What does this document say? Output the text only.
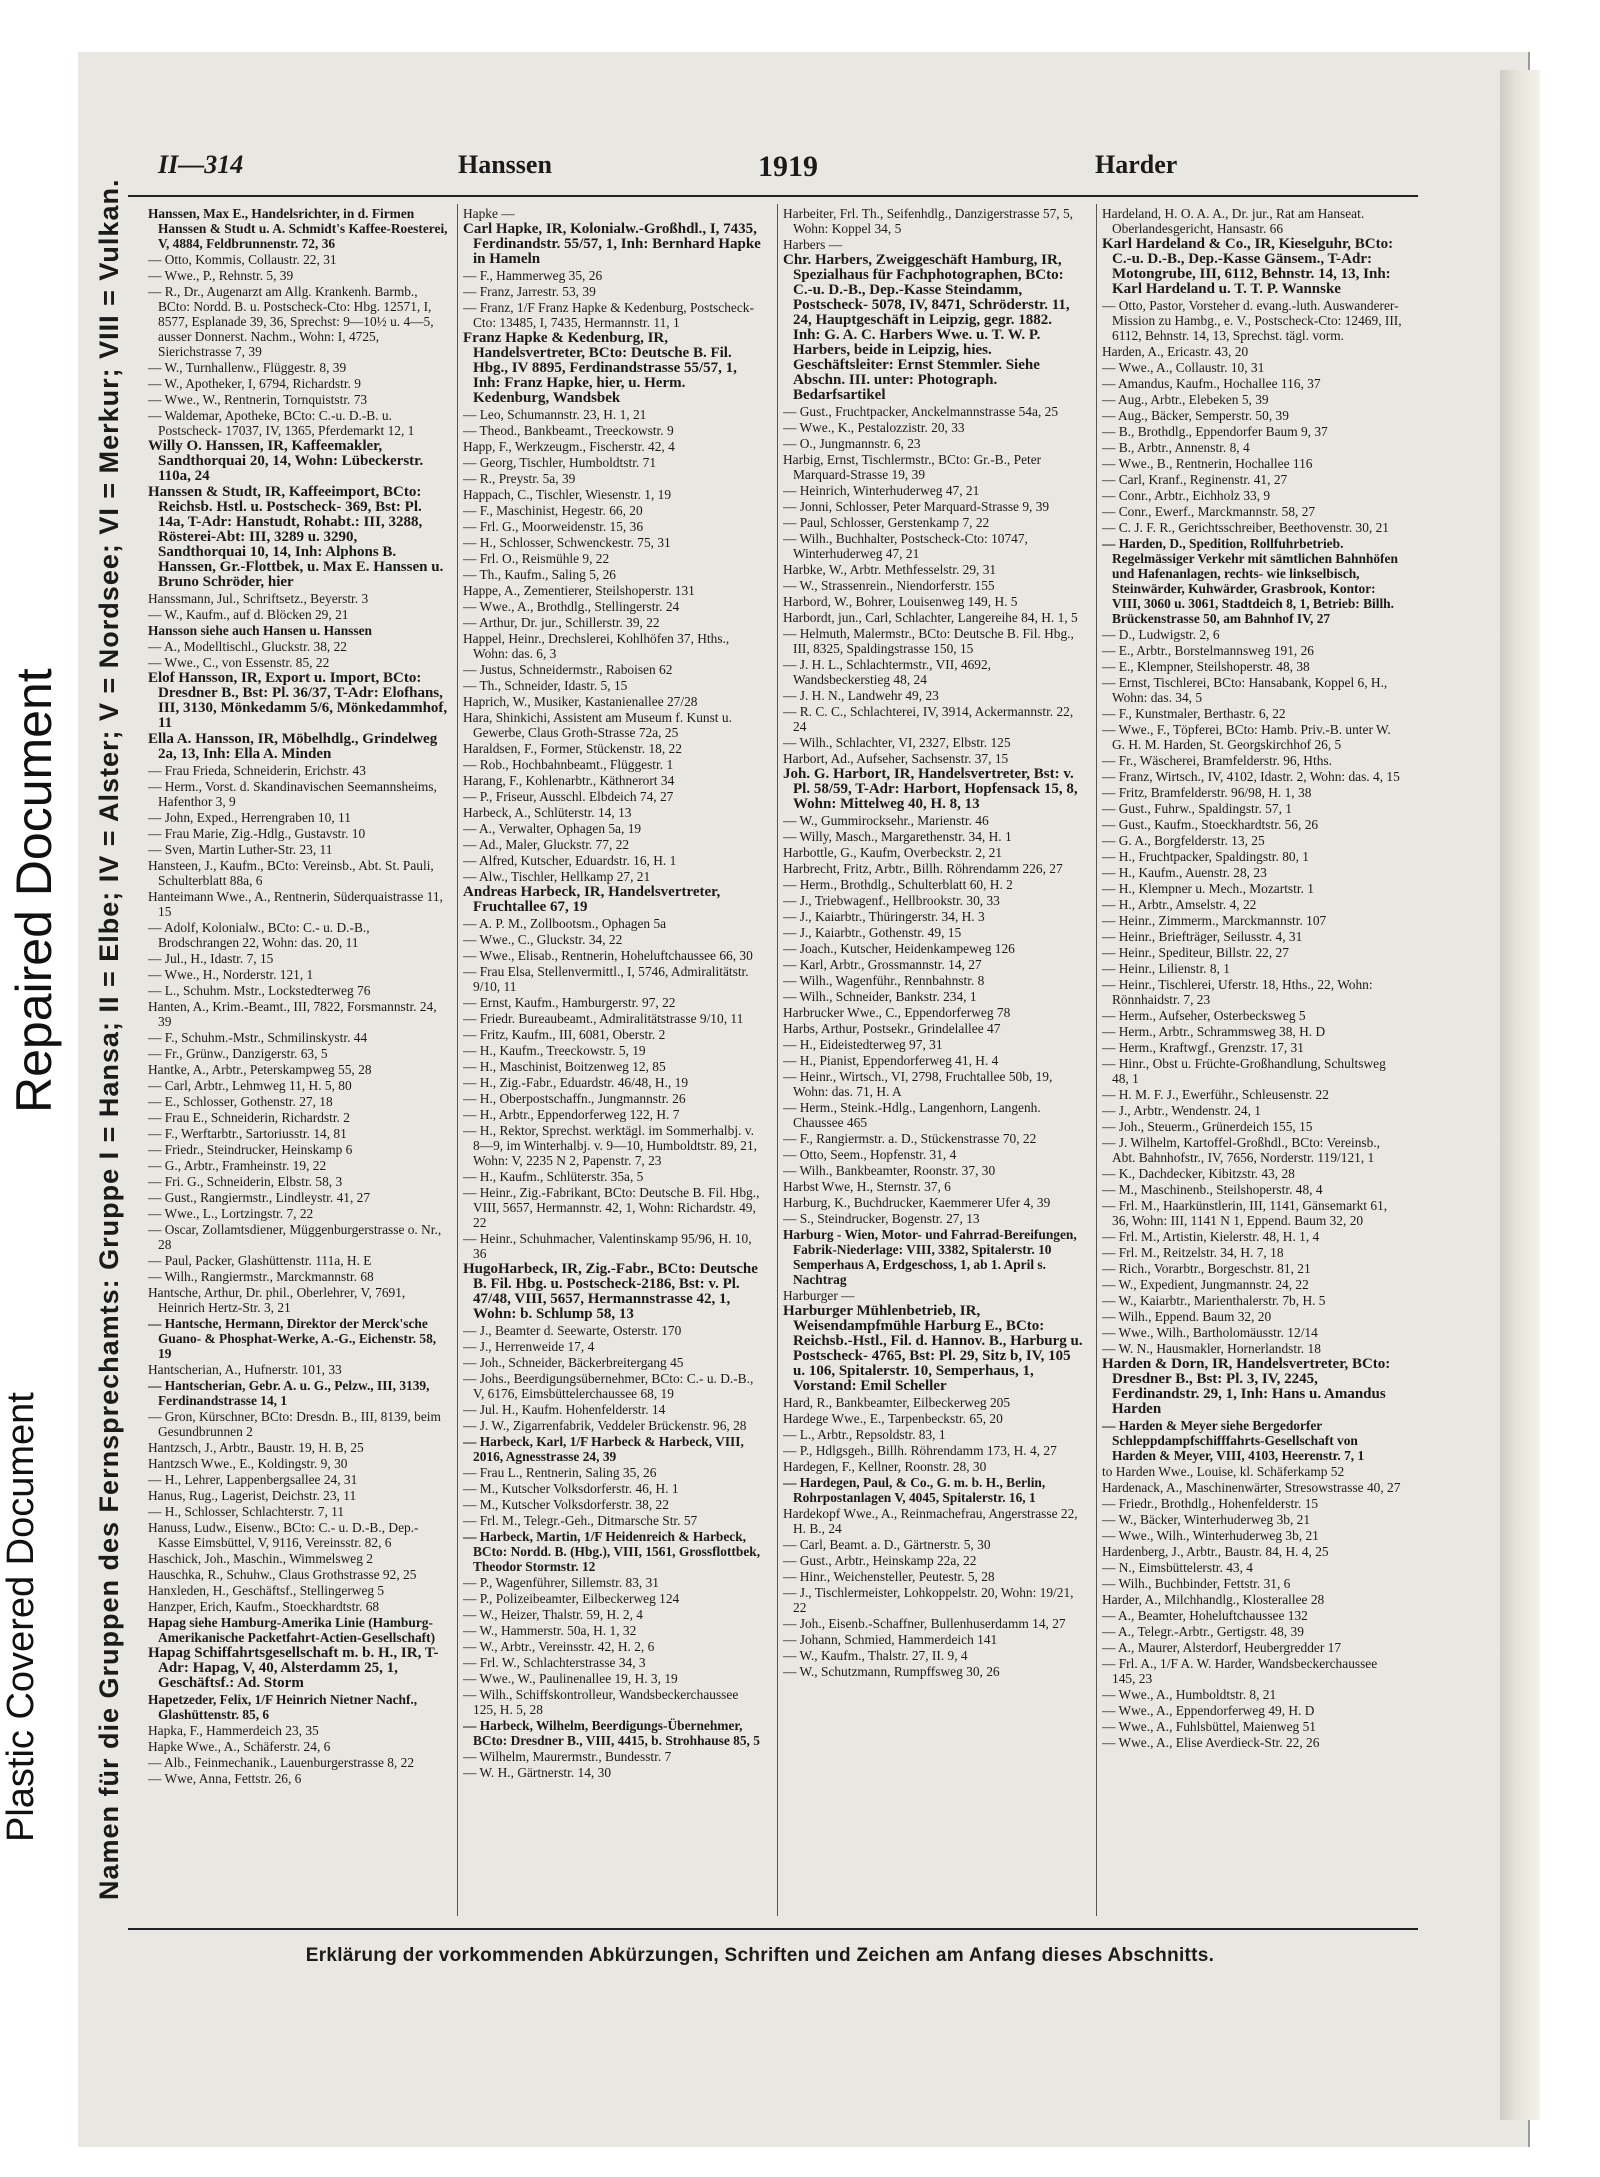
Plastic Covered Document
Repaired Document
II—314	Hanssen	1919	Harder
Namen für die Gruppen des Fernsprechamts: Gruppe I = Hansa; II = Elbe; IV = Alster; V = Nordsee; VI = Merkur; VIII = Vulkan. Hanssen, Max E., Handelsrichter, in d. Firmen Hanssen & Studt u. A. Schmidt's Kaffee-Roesterei, V, 4884, Feldbrunnenstr. 72, 36

— Otto, Kommis, Collaustr. 22, 31

— Wwe., P., Rehnstr. 5, 39

— R., Dr., Augenarzt am Allg. Krankenh. Barmb., BCto: Nordd. B. u. Postscheck-Cto: Hbg. 12571, I, 8577, Esplanade 39, 36, Sprechst: 9—10½ u. 4—5, ausser Donnerst. Nachm., Wohn: I, 4725, Sierichstrasse 7, 39

— W., Turnhallenw., Flüggestr. 8, 39

— W., Apotheker, I, 6794, Richardstr. 9

— Wwe., W., Rentnerin, Tornquiststr. 73

— Waldemar, Apotheke, BCto: C.-u. D.-B. u. Postscheck- 17037, IV, 1365, Pferdemarkt 12, 1

Willy O. Hanssen, IR, Kaffeemakler, Sandthorquai 20, 14, Wohn: Lübeckerstr. 110a, 24

Hanssen & Studt, IR, Kaffeeimport, BCto: Reichsb. Hstl. u. Postscheck- 369, Bst: Pl. 14a, T-Adr: Hanstudt, Rohabt.: III, 3288, Rösterei-Abt: III, 3289 u. 3290, Sandthorquai 10, 14, Inh: Alphons B. Hanssen, Gr.-Flottbek, u. Max E. Hanssen u. Bruno Schröder, hier

Hanssmann, Jul., Schriftsetz., Beyerstr. 3

— W., Kaufm., auf d. Blöcken 29, 21

Hansson siehe auch Hansen u. Hanssen

— A., Modelltischl., Gluckstr. 38, 22

— Wwe., C., von Essenstr. 85, 22

Elof Hansson, IR, Export u. Import, BCto: Dresdner B., Bst: Pl. 36/37, T-Adr: Elofhans, III, 3130, Mönkedamm 5/6, Mönkedammhof, 11

Ella A. Hansson, IR, Möbelhdlg., Grindelweg 2a, 13, Inh: Ella A. Minden

— Frau Frieda, Schneiderin, Erichstr. 43

— Herm., Vorst. d. Skandinavischen Seemannsheims, Hafenthor 3, 9

— John, Exped., Herrengraben 10, 11

— Frau Marie, Zig.-Hdlg., Gustavstr. 10

— Sven, Martin Luther-Str. 23, 11

Hansteen, J., Kaufm., BCto: Vereinsb., Abt. St. Pauli, Schulterblatt 88a, 6

Hanteimann Wwe., A., Rentnerin, Süderquaistrasse 11, 15

— Adolf, Kolonialw., BCto: C.- u. D.-B., Brodschrangen 22, Wohn: das. 20, 11

— Jul., H., Idastr. 7, 15

— Wwe., H., Norderstr. 121, 1

— L., Schuhm. Mstr., Lockstedterweg 76

Hanten, A., Krim.-Beamt., III, 7822, Forsmannstr. 24, 39

— F., Schuhm.-Mstr., Schmilinskystr. 44

— Fr., Grünw., Danzigerstr. 63, 5

Hantke, A., Arbtr., Peterskampweg 55, 28

— Carl, Arbtr., Lehmweg 11, H. 5, 80

— E., Schlosser, Gothenstr. 27, 18

— Frau E., Schneiderin, Richardstr. 2

— F., Werftarbtr., Sartoriusstr. 14, 81

— Friedr., Steindrucker, Heinskamp 6

— G., Arbtr., Framheinstr. 19, 22

— Fri. G., Schneiderin, Elbstr. 58, 3

— Gust., Rangiermstr., Lindleystr. 41, 27

— Wwe., L., Lortzingstr. 7, 22

— Oscar, Zollamtsdiener, Müggenburgerstrasse o. Nr., 28

— Paul, Packer, Glashüttenstr. 111a, H. E

— Wilh., Rangiermstr., Marckmannstr. 68

Hantsche, Arthur, Dr. phil., Oberlehrer, V, 7691, Heinrich Hertz-Str. 3, 21

— Hantsche, Hermann, Direktor der Merck'sche Guano- & Phosphat-Werke, A.-G., Eichenstr. 58, 19

Hantscherian, A., Hufnerstr. 101, 33

— Hantscherian, Gebr. A. u. G., Pelzw., III, 3139, Ferdinandstrasse 14, 1

— Gron, Kürschner, BCto: Dresdn. B., III, 8139, beim Gesundbrunnen 2

Hantzsch, J., Arbtr., Baustr. 19, H. B, 25

Hantzsch Wwe., E., Koldingstr. 9, 30

— H., Lehrer, Lappenbergsallee 24, 31

Hanus, Rug., Lagerist, Deichstr. 23, 11

— H., Schlosser, Schlachterstr. 7, 11

Hanuss, Ludw., Eisenw., BCto: C.- u. D.-B., Dep.-Kasse Eimsbüttel, V, 9116, Vereinsstr. 82, 6

Haschick, Joh., Maschin., Wimmelsweg 2

Hauschka, R., Schuhw., Claus Grothstrasse 92, 25

Hanxleden, H., Geschäftsf., Stellingerweg 5

Hanzper, Erich, Kaufm., Stoeckhardtstr. 68

Hapag siehe Hamburg-Amerika Linie (Hamburg-Amerikanische Packetfahrt-Actien-Gesellschaft)

Hapag Schiffahrtsgesellschaft m. b. H., IR, T-Adr: Hapag, V, 40, Alsterdamm 25, 1, Geschäftsf.: Ad. Storm

Hapetzeder, Felix, 1/F Heinrich Nietner Nachf., Glashüttenstr. 85, 6

Hapka, F., Hammerdeich 23, 35

Hapke Wwe., A., Schäferstr. 24, 6

— Alb., Feinmechanik., Lauenburgerstrasse 8, 22

— Wwe, Anna, Fettstr. 26, 6

Hapke —

Carl Hapke, IR, Kolonialw.-Großhdl., I, 7435, Ferdinandstr. 55/57, 1, Inh: Bernhard Hapke in Hameln

— F., Hammerweg 35, 26

— Franz, Jarrestr. 53, 39

— Franz, 1/F Franz Hapke & Kedenburg, Postscheck-Cto: 13485, I, 7435, Hermannstr. 11, 1

Franz Hapke & Kedenburg, IR, Handelsvertreter, BCto: Deutsche B. Fil. Hbg., IV 8895, Ferdinandstrasse 55/57, 1, Inh: Franz Hapke, hier, u. Herm. Kedenburg, Wandsbek

— Leo, Schumannstr. 23, H. 1, 21

— Theod., Bankbeamt., Treeckowstr. 9

Happ, F., Werkzeugm., Fischerstr. 42, 4

— Georg, Tischler, Humboldtstr. 71

— R., Preystr. 5a, 39

Happach, C., Tischler, Wiesenstr. 1, 19

— F., Maschinist, Hegestr. 66, 20

— Frl. G., Moorweidenstr. 15, 36

— H., Schlosser, Schwenckestr. 75, 31

— Frl. O., Reismühle 9, 22

— Th., Kaufm., Saling 5, 26

Happe, A., Zementierer, Steilshoperstr. 131

— Wwe., A., Brothdlg., Stellingerstr. 24

— Arthur, Dr. jur., Schillerstr. 39, 22

Happel, Heinr., Drechslerei, Kohlhöfen 37, Hths., Wohn: das. 6, 3

— Justus, Schneidermstr., Raboisen 62

— Th., Schneider, Idastr. 5, 15

Haprich, W., Musiker, Kastanienallee 27/28

Hara, Shinkichi, Assistent am Museum f. Kunst u. Gewerbe, Claus Groth-Strasse 72a, 25

Haraldsen, F., Former, Stückenstr. 18, 22

— Rob., Hochbahnbeamt., Flüggestr. 1

Harang, F., Kohlenarbtr., Käthnerort 34

— P., Friseur, Ausschl. Elbdeich 74, 27

Harbeck, A., Schlüterstr. 14, 13

— A., Verwalter, Ophagen 5a, 19

— Ad., Maler, Gluckstr. 77, 22

— Alfred, Kutscher, Eduardstr. 16, H. 1

— Alw., Tischler, Hellkamp 27, 21

Andreas Harbeck, IR, Handelsvertreter, Fruchtallee 67, 19

— A. P. M., Zollbootsm., Ophagen 5a

— Wwe., C., Gluckstr. 34, 22

— Wwe., Elisab., Rentnerin, Hoheluftchaussee 66, 30

— Frau Elsa, Stellenvermittl., I, 5746, Admiralitätstr. 9/10, 11

— Ernst, Kaufm., Hamburgerstr. 97, 22

— Friedr. Bureaubeamt., Admiralitätstrasse 9/10, 11

— Fritz, Kaufm., III, 6081, Oberstr. 2

— H., Kaufm., Treeckowstr. 5, 19

— H., Maschinist, Boitzenweg 12, 85

— H., Zig.-Fabr., Eduardstr. 46/48, H., 19

— H., Oberpostschaffn., Jungmannstr. 26

— H., Arbtr., Eppendorferweg 122, H. 7

— H., Rektor, Sprechst. werktägl. im Sommerhalbj. v. 8—9, im Winterhalbj. v. 9—10, Humboldtstr. 89, 21, Wohn: V, 2235 N 2, Papenstr. 7, 23

— H., Kaufm., Schlüterstr. 35a, 5

— Heinr., Zig.-Fabrikant, BCto: Deutsche B. Fil. Hbg., VIII, 5657, Hermannstr. 42, 1, Wohn: Richardstr. 49, 22

— Heinr., Schuhmacher, Valentinskamp 95/96, H. 10, 36

HugoHarbeck, IR, Zig.-Fabr., BCto: Deutsche B. Fil. Hbg. u. Postscheck-2186, Bst: v. Pl. 47/48, VIII, 5657, Hermannstrasse 42, 1, Wohn: b. Schlump 58, 13

— J., Beamter d. Seewarte, Osterstr. 170

— J., Herrenweide 17, 4

— Joh., Schneider, Bäckerbreitergang 45

— Johs., Beerdigungsübernehmer, BCto: C.- u. D.-B., V, 6176, Eimsbüttelerchaussee 68, 19

— Jul. H., Kaufm. Hohenfelderstr. 14

— J. W., Zigarrenfabrik, Veddeler Brückenstr. 96, 28

— Harbeck, Karl, 1/F Harbeck & Harbeck, VIII, 2016, Agnesstrasse 24, 39

— Frau L., Rentnerin, Saling 35, 26

— M., Kutscher Volksdorferstr. 46, H. 1

— M., Kutscher Volksdorferstr. 38, 22

— Frl. M., Telegr.-Geh., Ditmarsche Str. 57

— Harbeck, Martin, 1/F Heidenreich & Harbeck, BCto: Nordd. B. (Hbg.), VIII, 1561, Grossflottbek, Theodor Stormstr. 12

— P., Wagenführer, Sillemstr. 83, 31

— P., Polizeibeamter, Eilbeckerweg 124

— W., Heizer, Thalstr. 59, H. 2, 4

— W., Hammerstr. 50a, H. 1, 32

— W., Arbtr., Vereinsstr. 42, H. 2, 6

— Frl. W., Schlachterstrasse 34, 3

— Wwe., W., Paulinenallee 19, H. 3, 19

— Wilh., Schiffskontrolleur, Wandsbeckerchaussee 125, H. 5, 28

— Harbeck, Wilhelm, Beerdigungs-Übernehmer, BCto: Dresdner B., VIII, 4415, b. Strohhause 85, 5

— Wilhelm, Maurermstr., Bundesstr. 7

— W. H., Gärtnerstr. 14, 30

Harbeiter, Frl. Th., Seifenhdlg., Danzigerstrasse 57, 5, Wohn: Koppel 34, 5

Harbers —

Chr. Harbers, Zweiggeschäft Hamburg, IR, Spezialhaus für Fachphotographen, BCto: C.-u. D.-B., Dep.-Kasse Steindamm, Postscheck- 5078, IV, 8471, Schröderstr. 11, 24, Hauptgeschäft in Leipzig, gegr. 1882. Inh: G. A. C. Harbers Wwe. u. T. W. P. Harbers, beide in Leipzig, hies. Geschäftsleiter: Ernst Stemmler. Siehe Abschn. III. unter: Photograph. Bedarfsartikel

— Gust., Fruchtpacker, Anckelmannstrasse 54a, 25

— Wwe., K., Pestalozzistr. 20, 33

— O., Jungmannstr. 6, 23

Harbig, Ernst, Tischlermstr., BCto: Gr.-B., Peter Marquard-Strasse 19, 39

— Heinrich, Winterhuderweg 47, 21

— Jonni, Schlosser, Peter Marquard-Strasse 9, 39

— Paul, Schlosser, Gerstenkamp 7, 22

— Wilh., Buchhalter, Postscheck-Cto: 10747, Winterhuderweg 47, 21

Harbke, W., Arbtr. Methfesselstr. 29, 31

— W., Strassenrein., Niendorferstr. 155

Harbord, W., Bohrer, Louisenweg 149, H. 5

Harbordt, jun., Carl, Schlachter, Langereihe 84, H. 1, 5

— Helmuth, Malermstr., BCto: Deutsche B. Fil. Hbg., III, 8325, Spaldingstrasse 150, 15

— J. H. L., Schlachtermstr., VII, 4692, Wandsbeckerstieg 48, 24

— J. H. N., Landwehr 49, 23

— R. C. C., Schlachterei, IV, 3914, Ackermannstr. 22, 24

— Wilh., Schlachter, VI, 2327, Elbstr. 125

Harbort, Ad., Aufseher, Sachsenstr. 37, 15

Joh. G. Harbort, IR, Handelsvertreter, Bst: v. Pl. 58/59, T-Adr: Harbort, Hopfensack 15, 8, Wohn: Mittelweg 40, H. 8, 13

— W., Gummirocksehr., Marienstr. 46

— Willy, Masch., Margarethenstr. 34, H. 1

Harbottle, G., Kaufm, Overbeckstr. 2, 21

Harbrecht, Fritz, Arbtr., Billh. Röhrendamm 226, 27

— Herm., Brothdlg., Schulterblatt 60, H. 2

— J., Triebwagenf., Hellbrookstr. 30, 33

— J., Kaiarbtr., Thüringerstr. 34, H. 3

— J., Kaiarbtr., Gothenstr. 49, 15

— Joach., Kutscher, Heidenkampeweg 126

— Karl, Arbtr., Grossmannstr. 14, 27

— Wilh., Wagenführ., Rennbahnstr. 8

— Wilh., Schneider, Bankstr. 234, 1

Harbrucker Wwe., C., Eppendorferweg 78

Harbs, Arthur, Postsekr., Grindelallee 47

— H., Eideistedterweg 97, 31

— H., Pianist, Eppendorferweg 41, H. 4

— Heinr., Wirtsch., VI, 2798, Fruchtallee 50b, 19, Wohn: das. 71, H. A

— Herm., Steink.-Hdlg., Langenhorn, Langenh. Chaussee 465

— F., Rangiermstr. a. D., Stückenstrasse 70, 22

— Otto, Seem., Hopfenstr. 31, 4

— Wilh., Bankbeamter, Roonstr. 37, 30

Harbst Wwe, H., Sternstr. 37, 6

Harburg, K., Buchdrucker, Kaemmerer Ufer 4, 39

— S., Steindrucker, Bogenstr. 27, 13

Harburg - Wien, Motor- und Fahrrad-Bereifungen, Fabrik-Niederlage: VIII, 3382, Spitalerstr. 10 Semperhaus A, Erdgeschoss, 1, ab 1. April s. Nachtrag

Harburger —

Harburger Mühlenbetrieb, IR, Weisendampfmühle Harburg E., BCto: Reichsb.-Hstl., Fil. d. Hannov. B., Harburg u. Postscheck- 4765, Bst: Pl. 29, Sitz b, IV, 105 u. 106, Spitalerstr. 10, Semperhaus, 1, Vorstand: Emil Scheller

Hard, R., Bankbeamter, Eilbeckerweg 205

Hardege Wwe., E., Tarpenbeckstr. 65, 20

— L., Arbtr., Repsoldstr. 83, 1

— P., Hdlgsgeh., Billh. Röhrendamm 173, H. 4, 27

Hardegen, F., Kellner, Roonstr. 28, 30

— Hardegen, Paul, & Co., G. m. b. H., Berlin, Rohrpostanlagen V, 4045, Spitalerstr. 16, 1

Hardekopf Wwe., A., Reinmachefrau, Angerstrasse 22, H. B., 24

— Carl, Beamt. a. D., Gärtnerstr. 5, 30

— Gust., Arbtr., Heinskamp 22a, 22

— Hinr., Weichensteller, Peutestr. 5, 28

— J., Tischlermeister, Lohkoppelstr. 20, Wohn: 19/21, 22

— Joh., Eisenb.-Schaffner, Bullenhuserdamm 14, 27

— Johann, Schmied, Hammerdeich 141

— W., Kaufm., Thalstr. 27, II. 9, 4

— W., Schutzmann, Rumpffsweg 30, 26

Hardeland, H. O. A. A., Dr. jur., Rat am Hanseat. Oberlandesgericht, Hansastr. 66

Karl Hardeland & Co., IR, Kieselguhr, BCto: C.-u. D.-B., Dep.-Kasse Gänsem., T-Adr: Motongrube, III, 6112, Behnstr. 14, 13, Inh: Karl Hardeland u. T. T. P. Wannske

— Otto, Pastor, Vorsteher d. evang.-luth. Auswanderer-Mission zu Hambg., e. V., Postscheck-Cto: 12469, III, 6112, Behnstr. 14, 13, Sprechst. tägl. vorm.

Harden, A., Ericastr. 43, 20

— Wwe., A., Collaustr. 10, 31

— Amandus, Kaufm., Hochallee 116, 37

— Aug., Arbtr., Elebeken 5, 39

— Aug., Bäcker, Semperstr. 50, 39

— B., Brothdlg., Eppendorfer Baum 9, 37

— B., Arbtr., Annenstr. 8, 4

— Wwe., B., Rentnerin, Hochallee 116

— Carl, Kranf., Reginenstr. 41, 27

— Conr., Arbtr., Eichholz 33, 9

— Conr., Ewerf., Marckmannstr. 58, 27

— C. J. F. R., Gerichtsschreiber, Beethovenstr. 30, 21

— Harden, D., Spedition, Rollfuhrbetrieb. Regelmässiger Verkehr mit sämtlichen Bahnhöfen und Hafenanlagen, rechts- wie linkselbisch, Steinwärder, Kuhwärder, Grasbrook, Kontor: VIII, 3060 u. 3061, Stadtdeich 8, 1, Betrieb: Billh. Brückenstrasse 50, am Bahnhof IV, 27

— D., Ludwigstr. 2, 6

— E., Arbtr., Borstelmannsweg 191, 26

— E., Klempner, Steilshoperstr. 48, 38

— Ernst, Tischlerei, BCto: Hansabank, Koppel 6, H., Wohn: das. 34, 5

— F., Kunstmaler, Berthastr. 6, 22

— Wwe., F., Töpferei, BCto: Hamb. Priv.-B. unter W. G. H. M. Harden, St. Georgskirchhof 26, 5

— Fr., Wäscherei, Bramfelderstr. 96, Hths.

— Franz, Wirtsch., IV, 4102, Idastr. 2, Wohn: das. 4, 15

— Fritz, Bramfelderstr. 96/98, H. 1, 38

— Gust., Fuhrw., Spaldingstr. 57, 1

— Gust., Kaufm., Stoeckhardtstr. 56, 26

— G. A., Borgfelderstr. 13, 25

— H., Fruchtpacker, Spaldingstr. 80, 1

— H., Kaufm., Auenstr. 28, 23

— H., Klempner u. Mech., Mozartstr. 1

— H., Arbtr., Amselstr. 4, 22

— Heinr., Zimmerm., Marckmannstr. 107

— Heinr., Briefträger, Seilusstr. 4, 31

— Heinr., Spediteur, Billstr. 22, 27

— Heinr., Lilienstr. 8, 1

— Heinr., Tischlerei, Uferstr. 18, Hths., 22, Wohn: Rönnhaidstr. 7, 23

— Herm., Aufseher, Osterbecksweg 5

— Herm., Arbtr., Schrammsweg 38, H. D

— Herm., Kraftwgf., Grenzstr. 17, 31

— Hinr., Obst u. Früchte-Großhandlung, Schultsweg 48, 1

— H. M. F. J., Ewerführ., Schleusenstr. 22

— J., Arbtr., Wendenstr. 24, 1

— Joh., Steuerm., Grünerdeich 155, 15

— J. Wilhelm, Kartoffel-Großhdl., BCto: Vereinsb., Abt. Bahnhofstr., IV, 7656, Norderstr. 119/121, 1

— K., Dachdecker, Kibitzstr. 43, 28

— M., Maschinenb., Steilshoperstr. 48, 4

— Frl. M., Haarkünstlerin, III, 1141, Gänsemarkt 61, 36, Wohn: III, 1141 N 1, Eppend. Baum 32, 20

— Frl. M., Artistin, Kielerstr. 48, H. 1, 4

— Frl. M., Reitzelstr. 34, H. 7, 18

— Rich., Vorarbtr., Borgeschstr. 81, 21

— W., Expedient, Jungmannstr. 24, 22

— W., Kaiarbtr., Marienthalerstr. 7b, H. 5

— Wilh., Eppend. Baum 32, 20

— Wwe., Wilh., Bartholomäusstr. 12/14

— W. N., Hausmakler, Hornerlandstr. 18

Harden & Dorn, IR, Handelsvertreter, BCto: Dresdner B., Bst: Pl. 3, IV, 2245, Ferdinandstr. 29, 1, Inh: Hans u. Amandus Harden

— Harden & Meyer siehe Bergedorfer Schleppdampfschifffahrts-Gesellschaft von Harden & Meyer, VIII, 4103, Heerenstr. 7, 1

to Harden Wwe., Louise, kl. Schäferkamp 52

Hardenack, A., Maschinenwärter, Stresowstrasse 40, 27

— Friedr., Brothdlg., Hohenfelderstr. 15

— W., Bäcker, Winterhuderweg 3b, 21

— Wwe., Wilh., Winterhuderweg 3b, 21

Hardenberg, J., Arbtr., Baustr. 84, H. 4, 25

— N., Eimsbüttelerstr. 43, 4

— Wilh., Buchbinder, Fettstr. 31, 6

Harder, A., Milchhandlg., Klosterallee 28

— A., Beamter, Hoheluftchaussee 132

— A., Telegr.-Arbtr., Gertigstr. 48, 39

— A., Maurer, Alsterdorf, Heubergredder 17

— Frl. A., 1/F A. W. Harder, Wandsbeckerchaussee 145, 23

— Wwe., A., Humboldtstr. 8, 21

— Wwe., A., Eppendorferweg 49, H. D

— Wwe., A., Fuhlsbüttel, Maienweg 51

— Wwe., A., Elise Averdieck-Str. 22, 26

Erklärung der vorkommenden Abkürzungen, Schriften und Zeichen am Anfang dieses Abschnitts.
